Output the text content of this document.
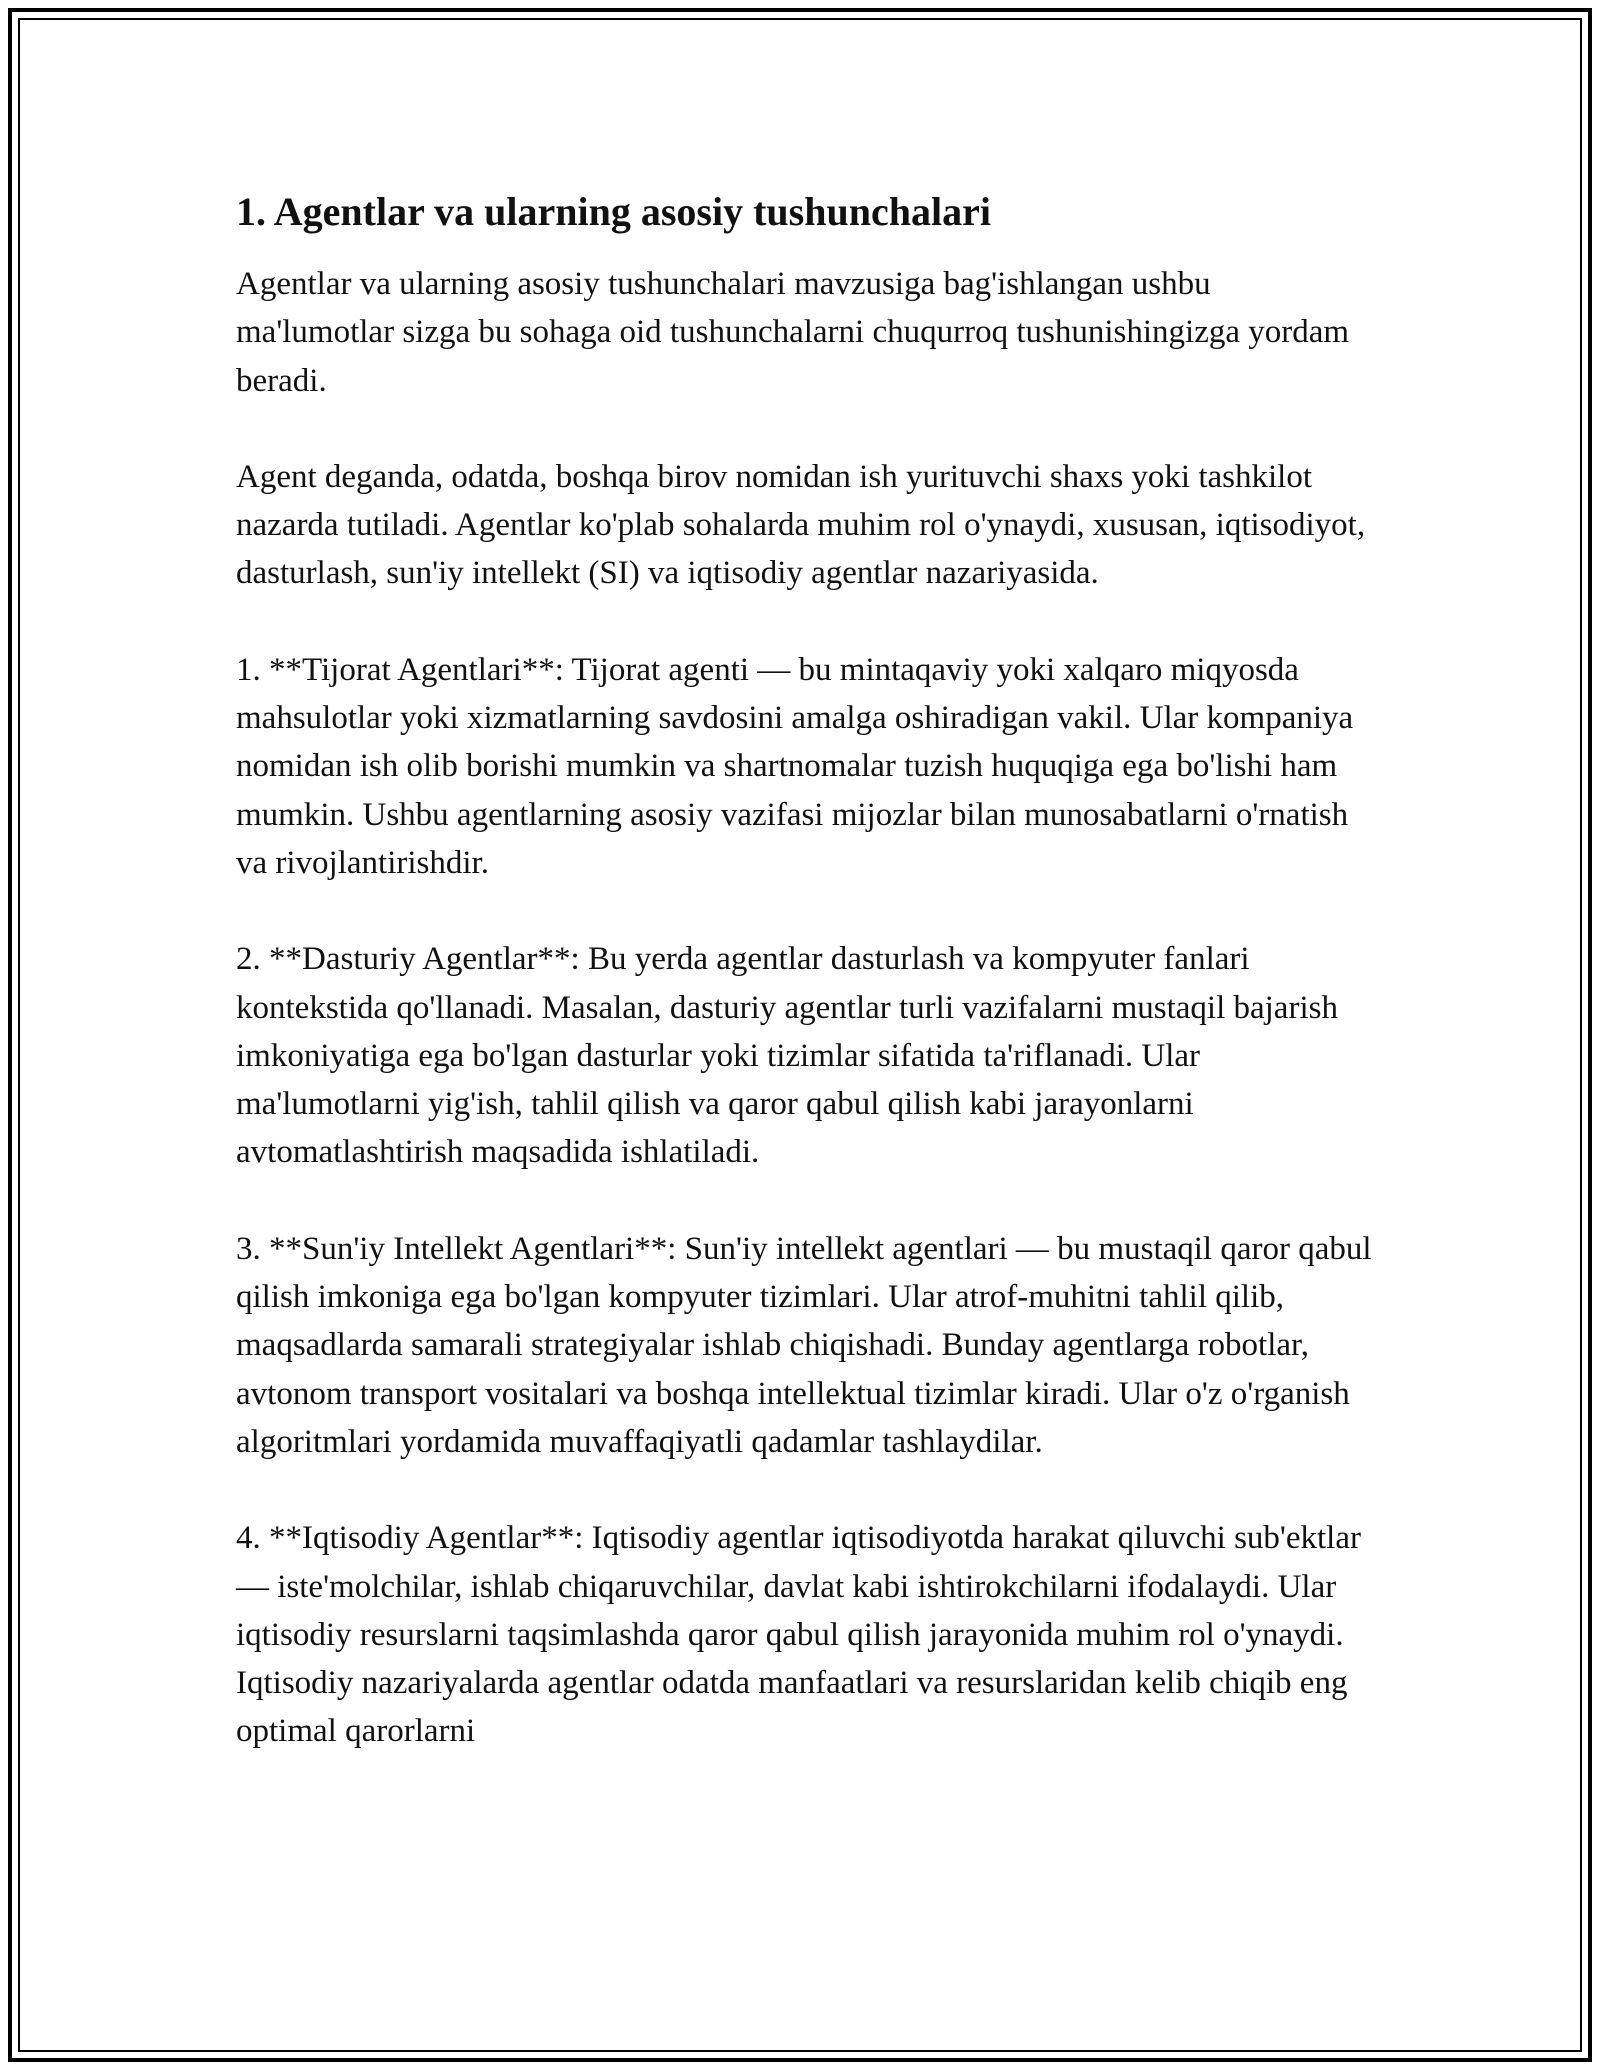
1. Agentlar va ularning asosiy tushunchalari

Agentlar va ularning asosiy tushunchalari mavzusiga bag'ishlangan ushbu ma'lumotlar sizga bu sohaga oid tushunchalarni chuqurroq tushunishingizga yordam beradi.

Agent deganda, odatda, boshqa birov nomidan ish yurituvchi shaxs yoki tashkilot nazarda tutiladi. Agentlar ko'plab sohalarda muhim rol o'ynaydi, xususan, iqtisodiyot, dasturlash, sun'iy intellekt (SI) va iqtisodiy agentlar nazariyasida.

1. **Tijorat Agentlari**: Tijorat agenti — bu mintaqaviy yoki xalqaro miqyosda mahsulotlar yoki xizmatlarning savdosini amalga oshiradigan vakil. Ular kompaniya nomidan ish olib borishi mumkin va shartnomalar tuzish huquqiga ega bo'lishi ham mumkin. Ushbu agentlarning asosiy vazifasi mijozlar bilan munosabatlarni o'rnatish va rivojlantirishdir.

2. **Dasturiy Agentlar**: Bu yerda agentlar dasturlash va kompyuter fanlari kontekstida qo'llanadi. Masalan, dasturiy agentlar turli vazifalarni mustaqil bajarish imkoniyatiga ega bo'lgan dasturlar yoki tizimlar sifatida ta'riflanadi. Ular ma'lumotlarni yig'ish, tahlil qilish va qaror qabul qilish kabi jarayonlarni avtomatlashtirish maqsadida ishlatiladi.

3. **Sun'iy Intellekt Agentlari**: Sun'iy intellekt agentlari — bu mustaqil qaror qabul qilish imkoniga ega bo'lgan kompyuter tizimlari. Ular atrof-muhitni tahlil qilib, maqsadlarda samarali strategiyalar ishlab chiqishadi. Bunday agentlarga robotlar, avtonom transport vositalari va boshqa intellektual tizimlar kiradi. Ular o'z o'rganish algoritmlari yordamida muvaffaqiyatli qadamlar tashlaydilar.

4. **Iqtisodiy Agentlar**: Iqtisodiy agentlar iqtisodiyotda harakat qiluvchi sub'ektlar — iste'molchilar, ishlab chiqaruvchilar, davlat kabi ishtirokchilarni ifodalaydi. Ular iqtisodiy resurslarni taqsimlashda qaror qabul qilish jarayonida muhim rol o'ynaydi. Iqtisodiy nazariyalarda agentlar odatda manfaatlari va resurslaridan kelib chiqib eng optimal qarorlarni
